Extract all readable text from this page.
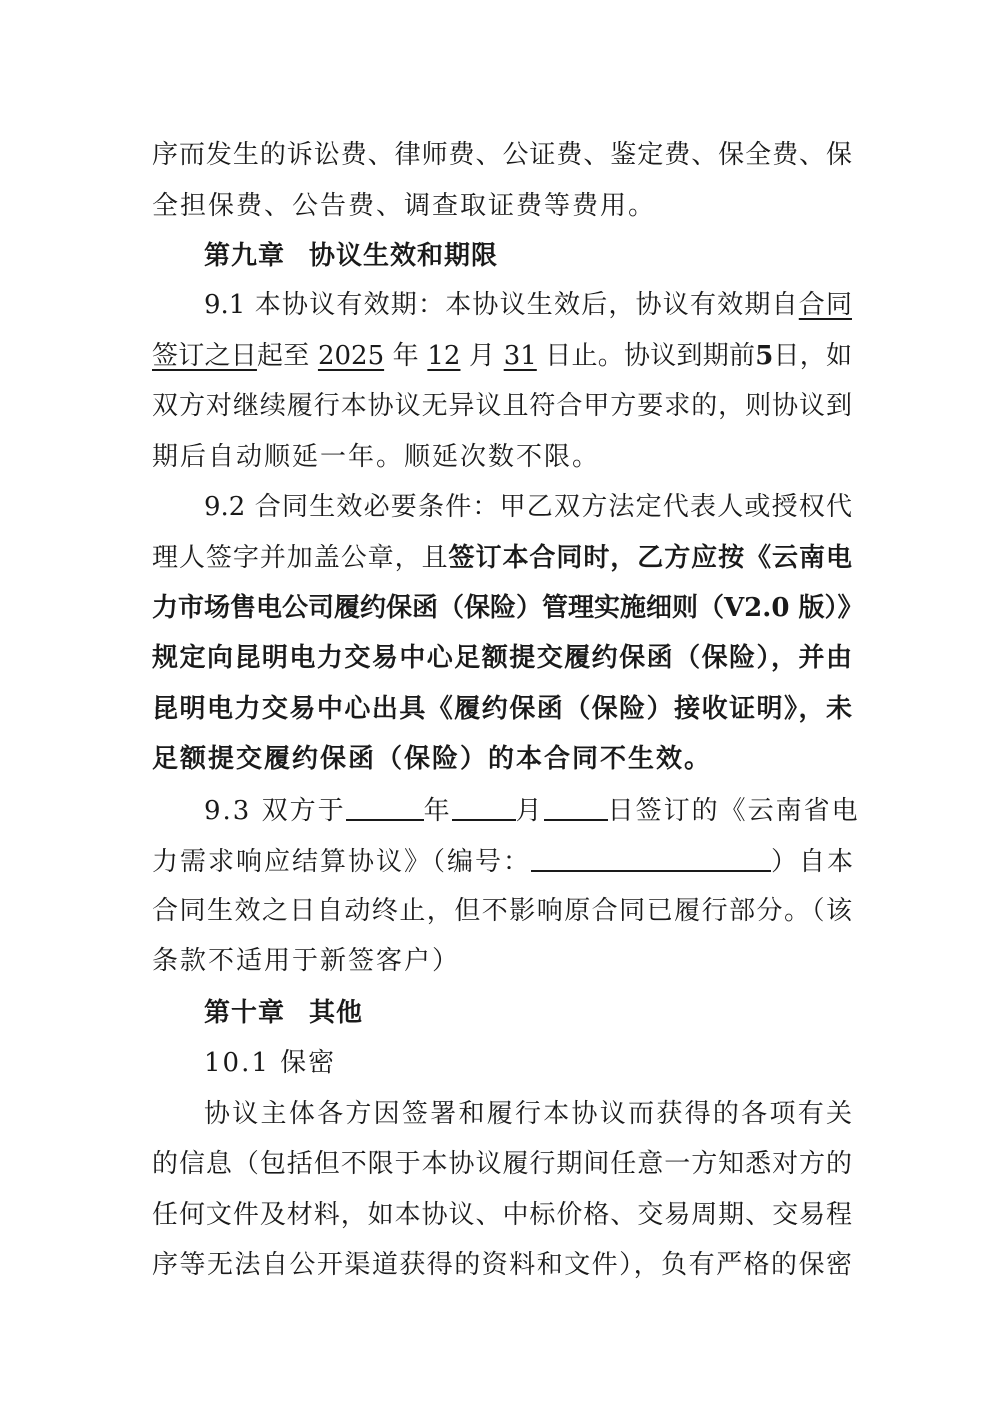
序而发生的诉讼费、律师费、公证费、鉴定费、保全费、保
全担保费、公告费、调查取证费等费用。
第九章 协议生效和期限
9.1 本协议有效期：本协议生效后，协议有效期自合同
签订之日起至 2025 年 12 月 31 日止。协议到期前5日，如
双方对继续履行本协议无异议且符合甲方要求的，则协议到
期后自动顺延一年。顺延次数不限。
9.2 合同生效必要条件：甲乙双方法定代表人或授权代
理人签字并加盖公章，且签订本合同时，乙方应按《云南电
力市场售电公司履约保函（保险）管理实施细则（V2.0 版）》
规定向昆明电力交易中心足额提交履约保函（保险），并由
昆明电力交易中心出具《履约保函（保险）接收证明》，未
足额提交履约保函（保险）的本合同不生效。
9.3 双方于	年 月 日签订的《云南省电
力需求响应结算协议》（编号：	）自本
合同生效之日自动终止，但不影响原合同已履行部分。（该
条款不适用于新签客户）
第十章 其他
10.1 保密
协议主体各方因签署和履行本协议而获得的各项有关
的信息（包括但不限于本协议履行期间任意一方知悉对方的
任何文件及材料，如本协议、中标价格、交易周期、交易程
序等无法自公开渠道获得的资料和文件），负有严格的保密
